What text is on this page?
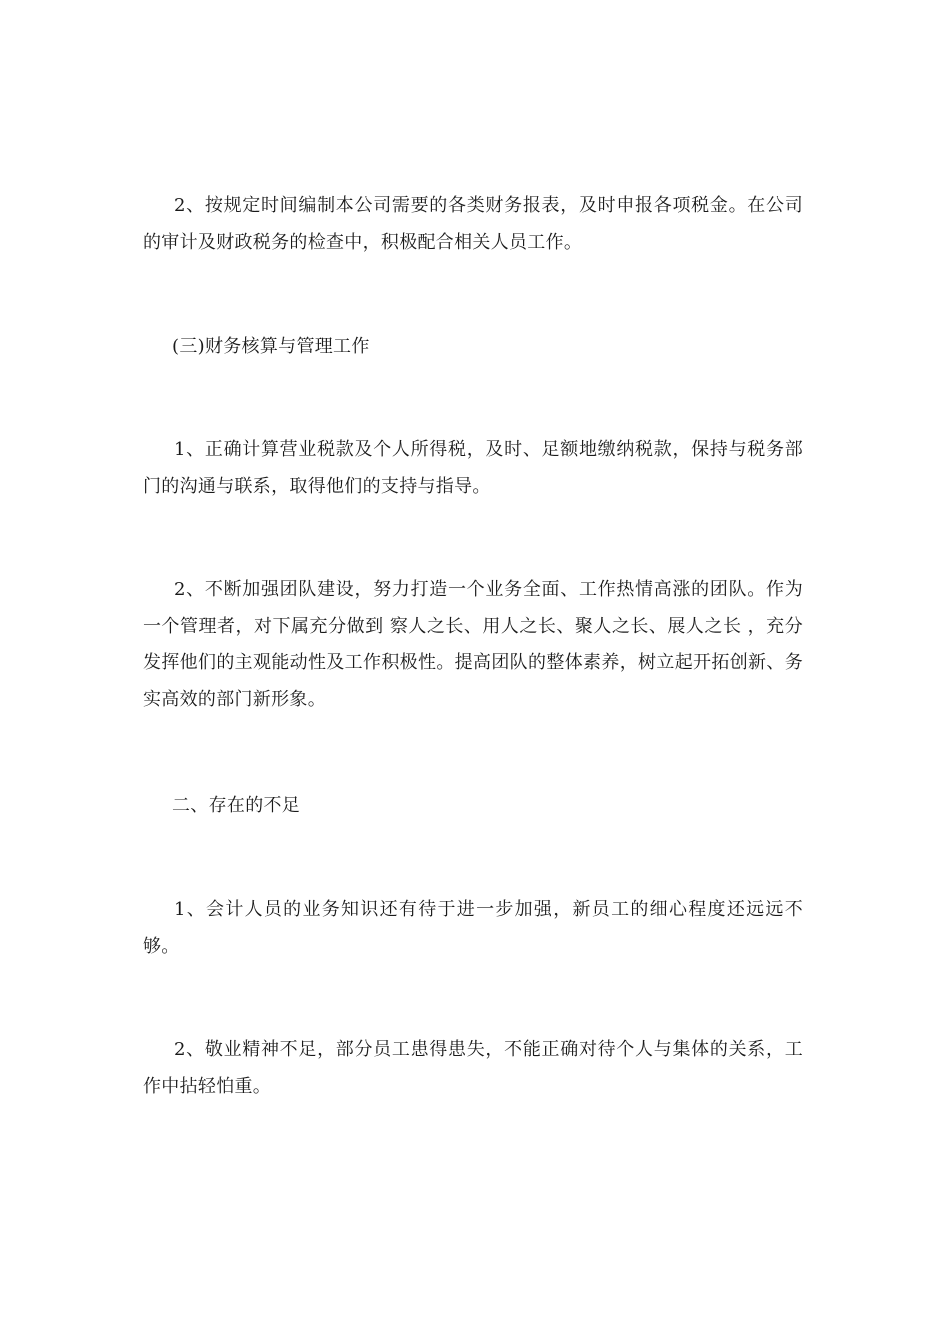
2、按规定时间编制本公司需要的各类财务报表，及时申报各项税金。在公司的审计及财政税务的检查中，积极配合相关人员工作。

(三)财务核算与管理工作

1、正确计算营业税款及个人所得税，及时、足额地缴纳税款，保持与税务部门的沟通与联系，取得他们的支持与指导。

2、不断加强团队建设，努力打造一个业务全面、工作热情高涨的团队。作为一个管理者，对下属充分做到 察人之长、用人之长、聚人之长、展人之长 ，充分发挥他们的主观能动性及工作积极性。提高团队的整体素养，树立起开拓创新、务实高效的部门新形象。

二、存在的不足

1、会计人员的业务知识还有待于进一步加强，新员工的细心程度还远远不够。

2、敬业精神不足，部分员工患得患失，不能正确对待个人与集体的关系，工作中拈轻怕重。
